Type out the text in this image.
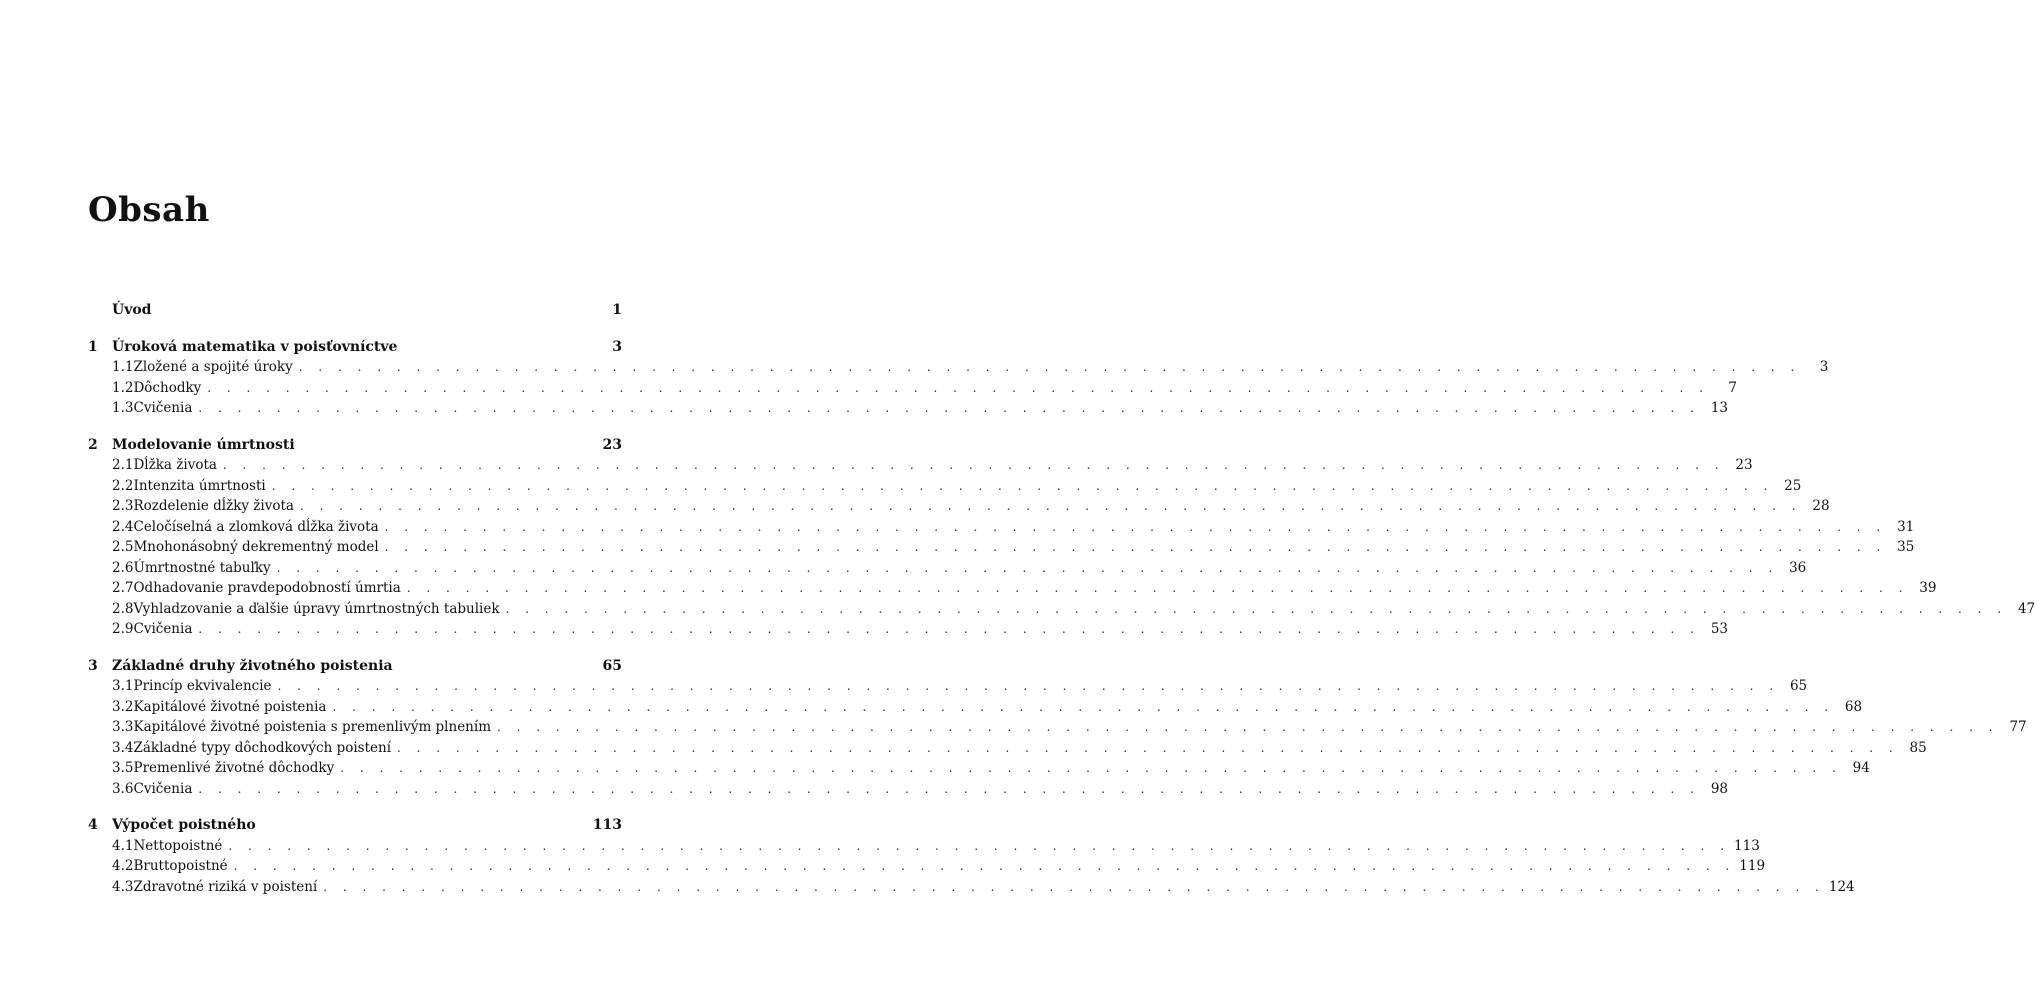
Obsah
Úvod	1
1	Úroková matematika v poisťovníctve	3
1.1 Zložené a spojité úroky . . .	3
1.2 Dôchodky . . .	7
1.3 Cvičenia . . .	13
2	Modelovanie úmrtnosti	23
2.1 Dĺžka života . . .	23
2.2 Intenzita úmrtnosti . . .	25
2.3 Rozdelenie dĺžky života . . .	28
2.4 Celočíselná a zlomková dĺžka života . . .	31
2.5 Mnohonásobný dekrementný model . . .	35
2.6 Úmrtnostné tabuľky . . .	36
2.7 Odhadovanie pravdepodobností úmrtia . . .	39
2.8 Vyhladzovanie a ďalšie úpravy úmrtnostných tabuliek . . .	47
2.9 Cvičenia . . .	53
3	Základné druhy životného poistenia	65
3.1 Princíp ekvivalencie . . .	65
3.2 Kapitálové životné poistenia . . .	68
3.3 Kapitálové životné poistenia s premenlivým plnením . . .	77
3.4 Základné typy dôchodkových poistení . . .	85
3.5 Premenlivé životné dôchodky . . .	94
3.6 Cvičenia . . .	98
4	Výpočet poistného	113
4.1 Nettopoistné . . .	113
4.2 Bruttopoistné . . .	119
4.3 Zdravotné riziká v poistení . . .	124
